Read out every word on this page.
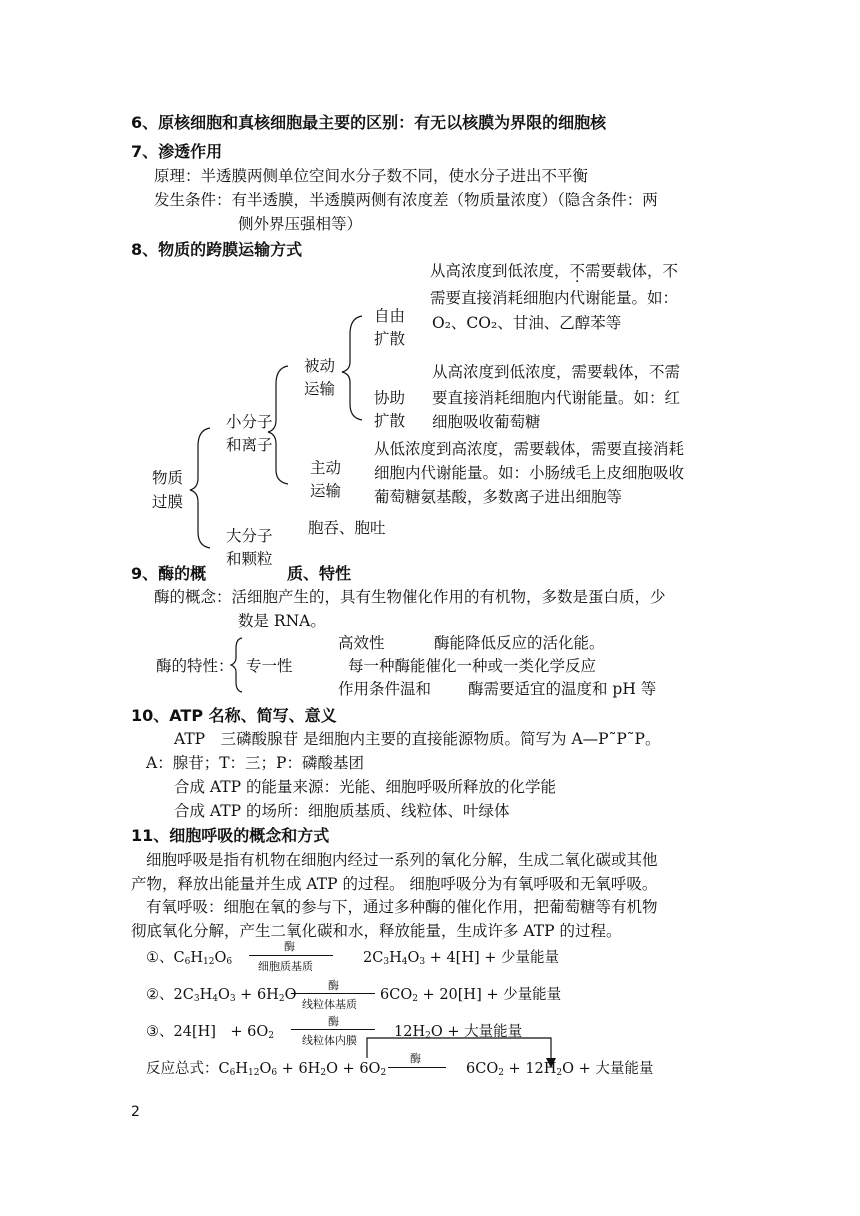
6、原核细胞和真核细胞最主要的区别：有无以核膜为界限的细胞核
7、渗透作用
原理：半透膜两侧单位空间水分子数不同，使水分子进出不平衡
发生条件：有半透膜，半透膜两侧有浓度差（物质量浓度）（隐含条件：两
侧外界压强相等）
8、物质的跨膜运输方式
物质
过膜
小分子
和离子
大分子
和颗粒
被动
运输
主动
运输
自由
扩散
协助
扩散
从高浓度到低浓度，不需要载体，不
需要直接消耗细胞内代谢能量。如：
O₂、CO₂、甘油、乙醇苯等
从高浓度到低浓度，需要载体，不需
要直接消耗细胞内代谢能量。如：红
细胞吸收葡萄糖
从低浓度到高浓度，需要载体，需要直接消耗
细胞内代谢能量。如：小肠绒毛上皮细胞吸收
葡萄糖氨基酸，多数离子进出细胞等
胞吞、胞吐
9、酶的概	质、特性
酶的概念：活细胞产生的，具有生物催化作用的有机物，多数是蛋白质，少
数是 RNA。
高效性	酶能降低反应的活化能。
酶的特性： 专一性	每一种酶能催化一种或一类化学反应
作用条件温和 酶需要适宜的温度和 pH 等
10、ATP 名称、简写、意义
ATP　三磷酸腺苷 是细胞内主要的直接能源物质。简写为 A—P˜P˜P。
A：腺苷；T：三；P：磷酸基团
合成 ATP 的能量来源：光能、细胞呼吸所释放的化学能
合成 ATP 的场所：细胞质基质、线粒体、叶绿体
11、细胞呼吸的概念和方式
细胞呼吸是指有机物在细胞内经过一系列的氧化分解，生成二氧化碳或其他
产物，释放出能量并生成 ATP 的过程。 细胞呼吸分为有氧呼吸和无氧呼吸。
有氧呼吸：细胞在氧的参与下，通过多种酶的催化作用，把葡萄糖等有机物
彻底氧化分解，产生二氧化碳和水，释放能量，生成许多 ATP 的过程。
①、$C_6H_{12}O_6$
酶
细胞质基质
$2C_3H_4O_3 + 4[H]$ + 少量能量
②、$2C_3H_4O_3 + 6H_2O$
酶
线粒体基质
$6CO_2 + 20[H]$ + 少量能量
③、24[H]　+ $6O_2$
酶
线粒体内膜
$12H_2O$ + 大量能量
反应总式：$C_6H_{12}O_6 + 6H_2O + 6O_2$
酶
$6CO_2 + 12H_2O$ + 大量能量
2
